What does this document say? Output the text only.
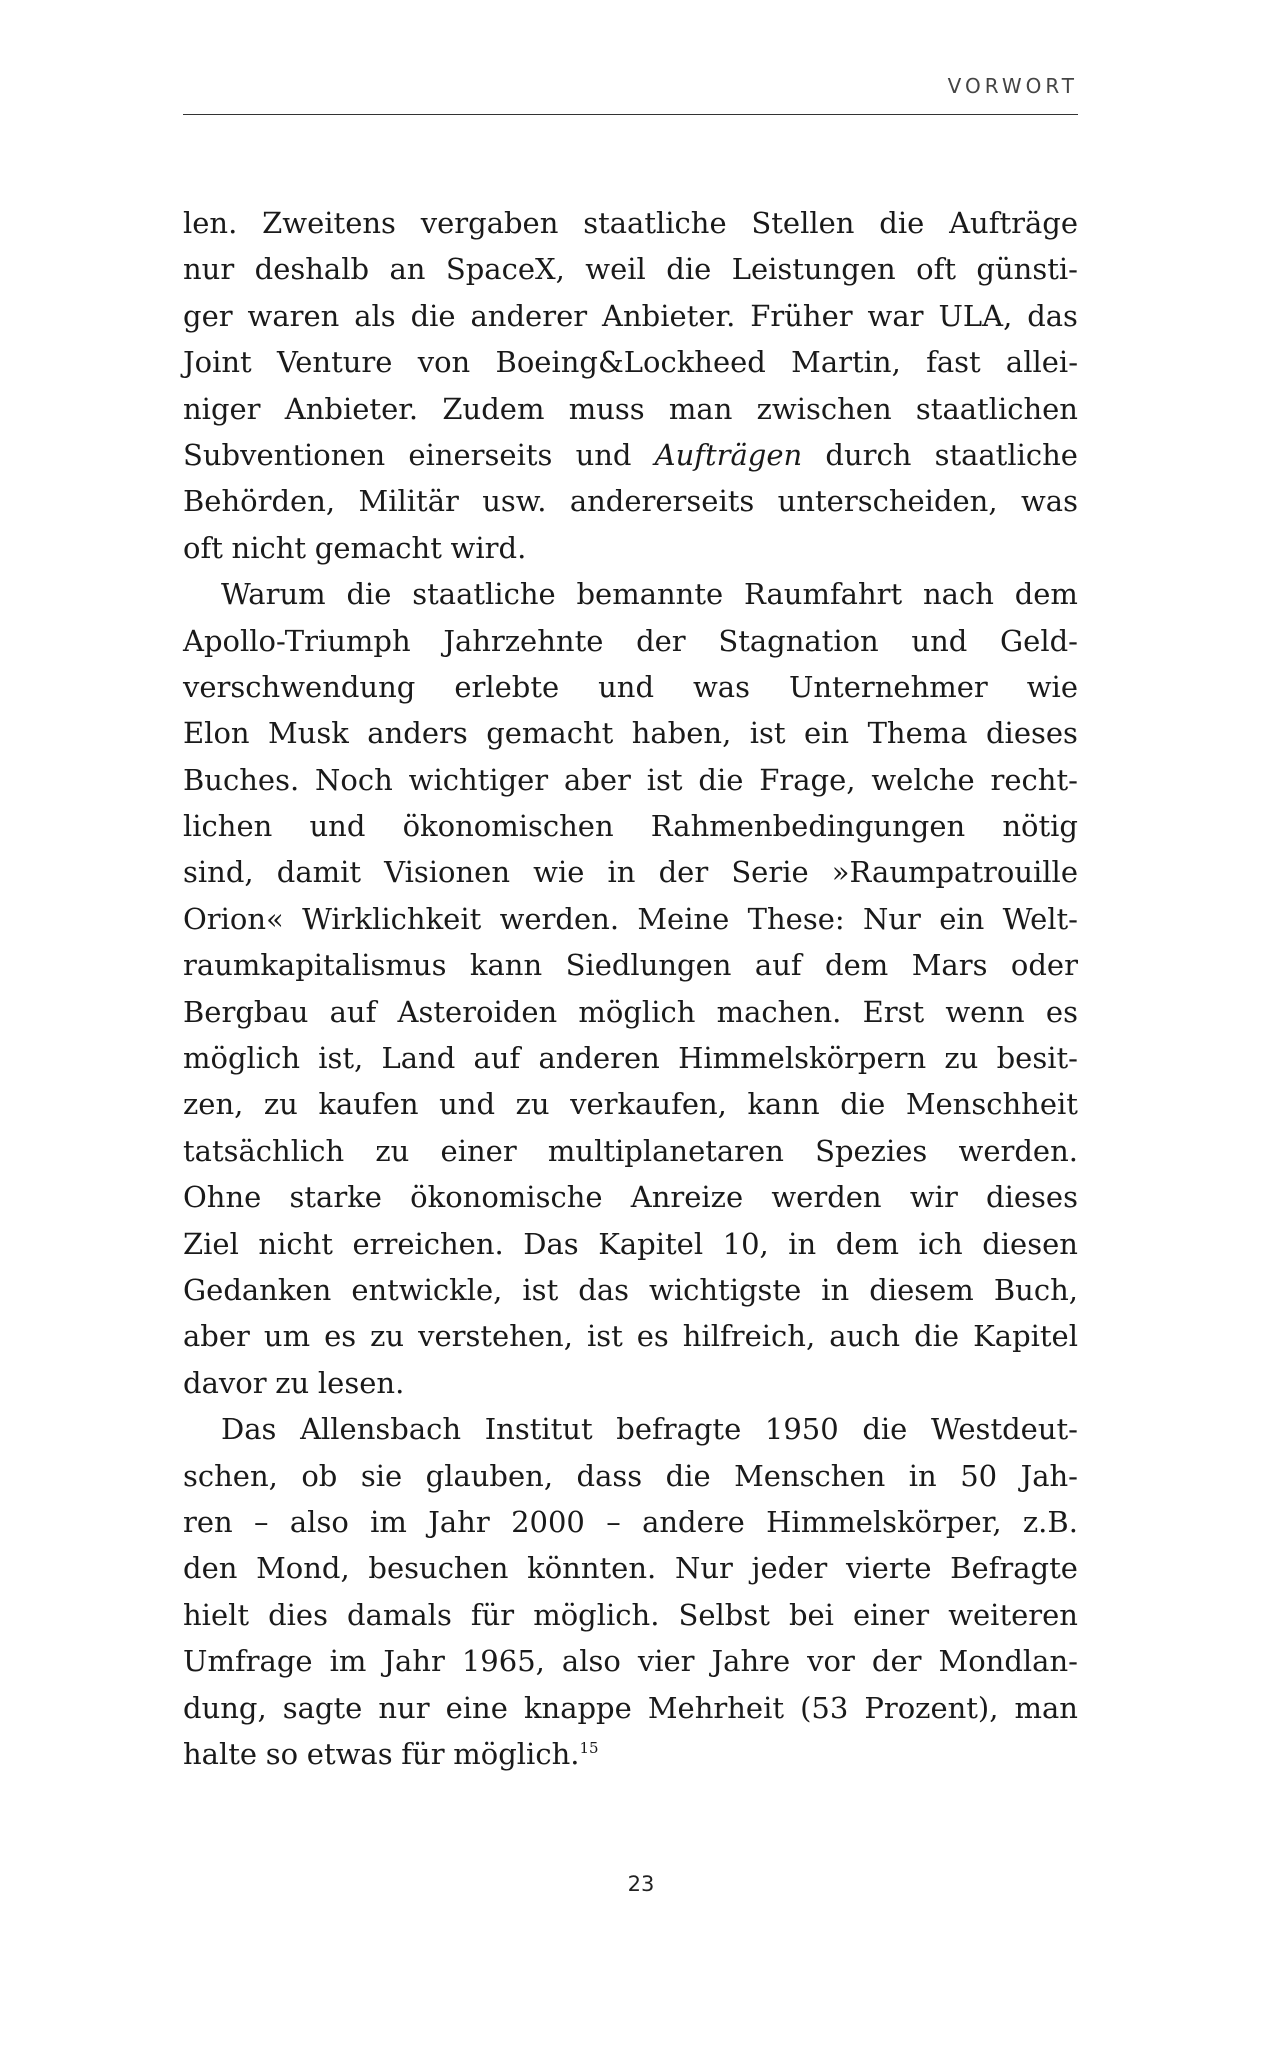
VORWORT
len. Zweitens vergaben staatliche Stellen die Aufträge
nur deshalb an SpaceX, weil die Leistungen oft günsti-
ger waren als die anderer Anbieter. Früher war ULA, das
Joint Venture von Boeing&Lockheed Martin, fast allei-
niger Anbieter. Zudem muss man zwischen staatlichen
Subventionen einerseits und Aufträgen durch staatliche
Behörden, Militär usw. andererseits unterscheiden, was
oft nicht gemacht wird.
Warum die staatliche bemannte Raumfahrt nach dem
Apollo-Triumph Jahrzehnte der Stagnation und Geld-
verschwendung erlebte und was Unternehmer wie
Elon Musk anders gemacht haben, ist ein Thema dieses
Buches. Noch wichtiger aber ist die Frage, welche recht-
lichen und ökonomischen Rahmenbedingungen nötig
sind, damit Visionen wie in der Serie »Raumpatrouille
Orion« Wirklichkeit werden. Meine These: Nur ein Welt-
raumkapitalismus kann Siedlungen auf dem Mars oder
Bergbau auf Asteroiden möglich machen. Erst wenn es
möglich ist, Land auf anderen Himmelskörpern zu besit-
zen, zu kaufen und zu verkaufen, kann die Menschheit
tatsächlich zu einer multiplanetaren Spezies werden.
Ohne starke ökonomische Anreize werden wir dieses
Ziel nicht erreichen. Das Kapitel 10, in dem ich diesen
Gedanken entwickle, ist das wichtigste in diesem Buch,
aber um es zu verstehen, ist es hilfreich, auch die Kapitel
davor zu lesen.
Das Allensbach Institut befragte 1950 die Westdeut-
schen, ob sie glauben, dass die Menschen in 50 Jah-
ren – also im Jahr 2000 – andere Himmelskörper, z.B.
den Mond, besuchen könnten. Nur jeder vierte Befragte
hielt dies damals für möglich. Selbst bei einer weiteren
Umfrage im Jahr 1965, also vier Jahre vor der Mondlan-
dung, sagte nur eine knappe Mehrheit (53 Prozent), man
halte so etwas für möglich.$^{15}$
23
